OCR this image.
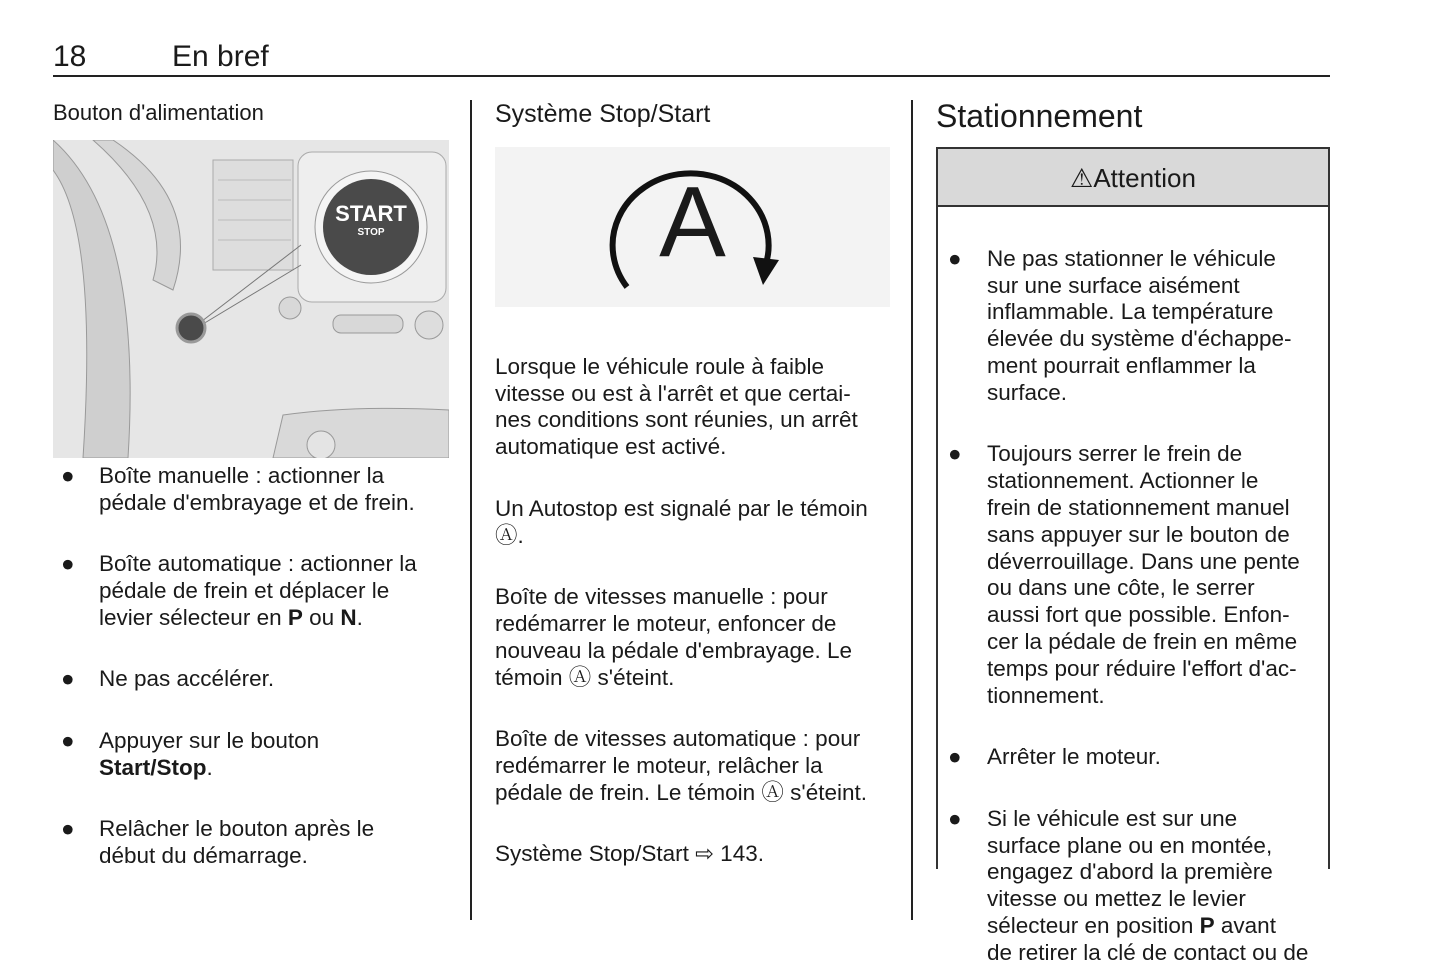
18	En bref
Bouton d'alimentation
START
STOP

● Boîte manuelle : actionner la
pédale d'embrayage et de frein.

● Boîte automatique : actionner la
pédale de frein et déplacer le
levier sélecteur en P ou N.

● Ne pas accélérer.

● Appuyer sur le bouton
Start/Stop.

● Relâcher le bouton après le
début du démarrage.

Système Stop/Start
A

Lorsque le véhicule roule à faible
vitesse ou est à l'arrêt et que certai-
nes conditions sont réunies, un arrêt
automatique est activé.

Un Autostop est signalé par le témoin
Ⓐ.

Boîte de vitesses manuelle : pour
redémarrer le moteur, enfoncer de
nouveau la pédale d'embrayage. Le
témoin Ⓐ s'éteint.

Boîte de vitesses automatique : pour
redémarrer le moteur, relâcher la
pédale de frein. Le témoin Ⓐ s'éteint.

Système Stop/Start ⇨ 143.

Stationnement
⚠Attention

● Ne pas stationner le véhicule
sur une surface aisément
inflammable. La température
élevée du système d'échappe-
ment pourrait enflammer la
surface.

● Toujours serrer le frein de
stationnement. Actionner le
frein de stationnement manuel
sans appuyer sur le bouton de
déverrouillage. Dans une pente
ou dans une côte, le serrer
aussi fort que possible. Enfon-
cer la pédale de frein en même
temps pour réduire l'effort d'ac-
tionnement.

● Arrêter le moteur.

● Si le véhicule est sur une
surface plane ou en montée,
engagez d'abord la première
vitesse ou mettez le levier
sélecteur en position P avant
de retirer la clé de contact ou de
